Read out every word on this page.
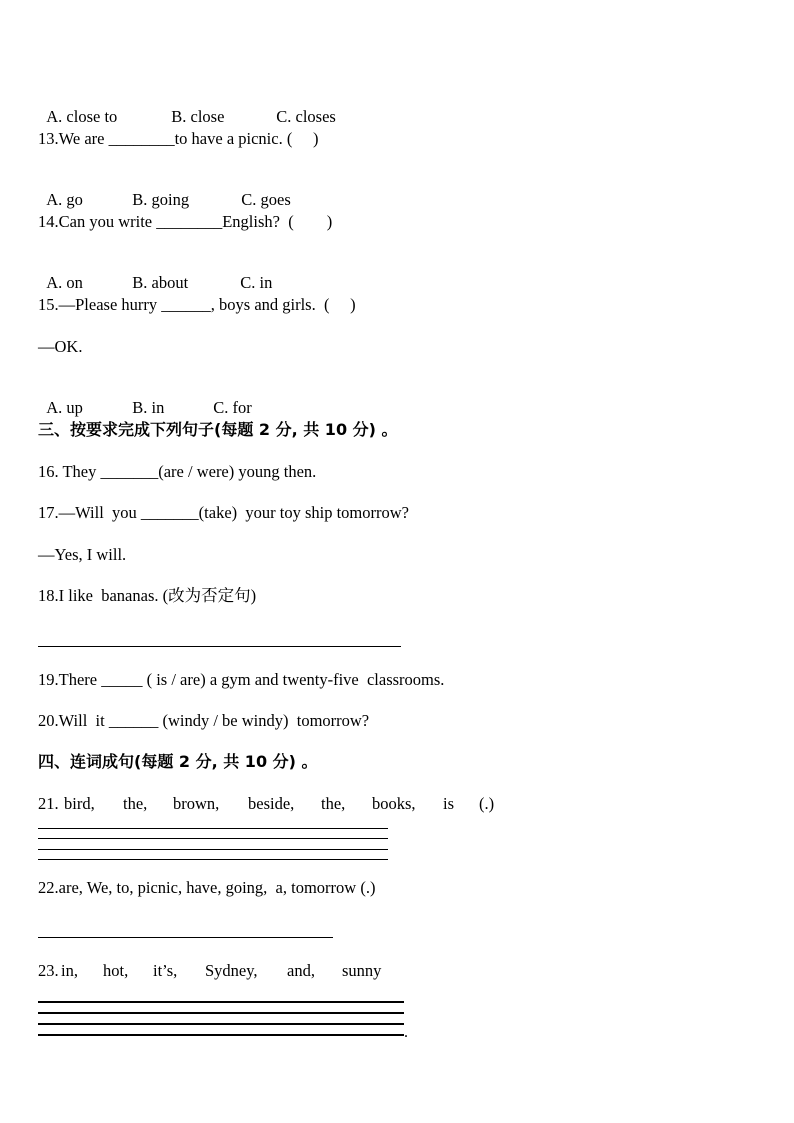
A. close to	B. close	C. closes

13.We are ________to have a picnic. (     )

A. go	B. going	C. goes

14.Can you write ________English?  (        )

A. on	B. about	C. in

15.—Please hurry ______, boys and girls.  (     )
—OK.

A. up	B. in	C. for

三、按要求完成下列句子(每题 2 分, 共 10 分) 。
16. They _______(are / were) young then.
17.—Will  you _______(take)  your toy ship tomorrow?
—Yes, I will.
18.I like  bananas. (改为否定句)
19.There _____ ( is / are) a gym and twenty-five  classrooms.
20.Will  it ______ (windy / be windy)  tomorrow?
四、连词成句(每题 2 分, 共 10 分) 。
21. bird, the, brown, beside, the, books, is (.)
22.are, We, to, picnic, have, going,  a, tomorrow (.)
23. in, hot, it’s, Sydney, and, sunny
.
